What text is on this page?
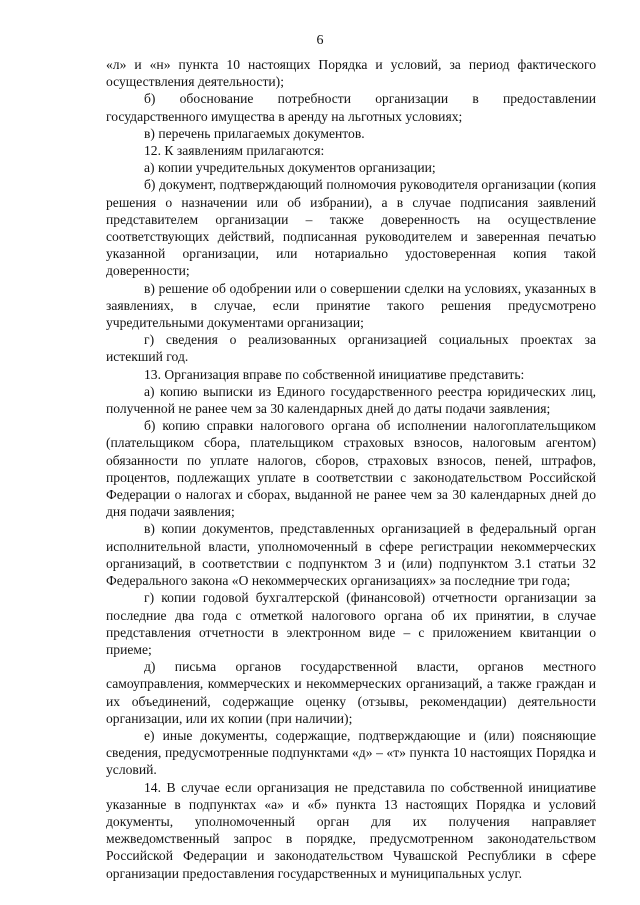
6

«л» и «н» пункта 10 настоящих Порядка и условий, за период фактического осуществления деятельности);

б) обоснование потребности организации в предоставлении государственного имущества в аренду на льготных условиях;

в) перечень прилагаемых документов.

12. К заявлениям прилагаются:

а) копии учредительных документов организации;

б) документ, подтверждающий полномочия руководителя организации (копия решения о назначении или об избрании), а в случае подписания заявлений представителем организации – также доверенность на осуществление соответствующих действий, подписанная руководителем и заверенная печатью указанной организации, или нотариально удостоверенная копия такой доверенности;

в) решение об одобрении или о совершении сделки на условиях, указанных в заявлениях, в случае, если принятие такого решения предусмотрено учредительными документами организации;

г) сведения о реализованных организацией социальных проектах за истекший год.

13. Организация вправе по собственной инициативе представить:

а) копию выписки из Единого государственного реестра юридических лиц, полученной не ранее чем за 30 календарных дней до даты подачи заявления;

б) копию справки налогового органа об исполнении налогоплательщиком (плательщиком сбора, плательщиком страховых взносов, налоговым агентом) обязанности по уплате налогов, сборов, страховых взносов, пеней, штрафов, процентов, подлежащих уплате в соответствии с законодательством Российской Федерации о налогах и сборах, выданной не ранее чем за 30 календарных дней до дня подачи заявления;

в) копии документов, представленных организацией в федеральный орган исполнительной власти, уполномоченный в сфере регистрации некоммерческих организаций, в соответствии с подпунктом 3 и (или) подпунктом 3.1 статьи 32 Федерального закона «О некоммерческих организациях» за последние три года;

г) копии годовой бухгалтерской (финансовой) отчетности организации за последние два года с отметкой налогового органа об их принятии, в случае представления отчетности в электронном виде – с приложением квитанции о приеме;

д) письма органов государственной власти, органов местного самоуправления, коммерческих и некоммерческих организаций, а также граждан и их объединений, содержащие оценку (отзывы, рекомендации) деятельности организации, или их копии (при наличии);

е) иные документы, содержащие, подтверждающие и (или) поясняющие сведения, предусмотренные подпунктами «д» – «т» пункта 10 настоящих Порядка и условий.

14. В случае если организация не представила по собственной инициативе указанные в подпунктах «а» и «б» пункта 13 настоящих Порядка и условий документы, уполномоченный орган для их получения направляет межведомственный запрос в порядке, предусмотренном законодательством Российской Федерации и законодательством Чувашской Республики в сфере организации предоставления государственных и муниципальных услуг.
